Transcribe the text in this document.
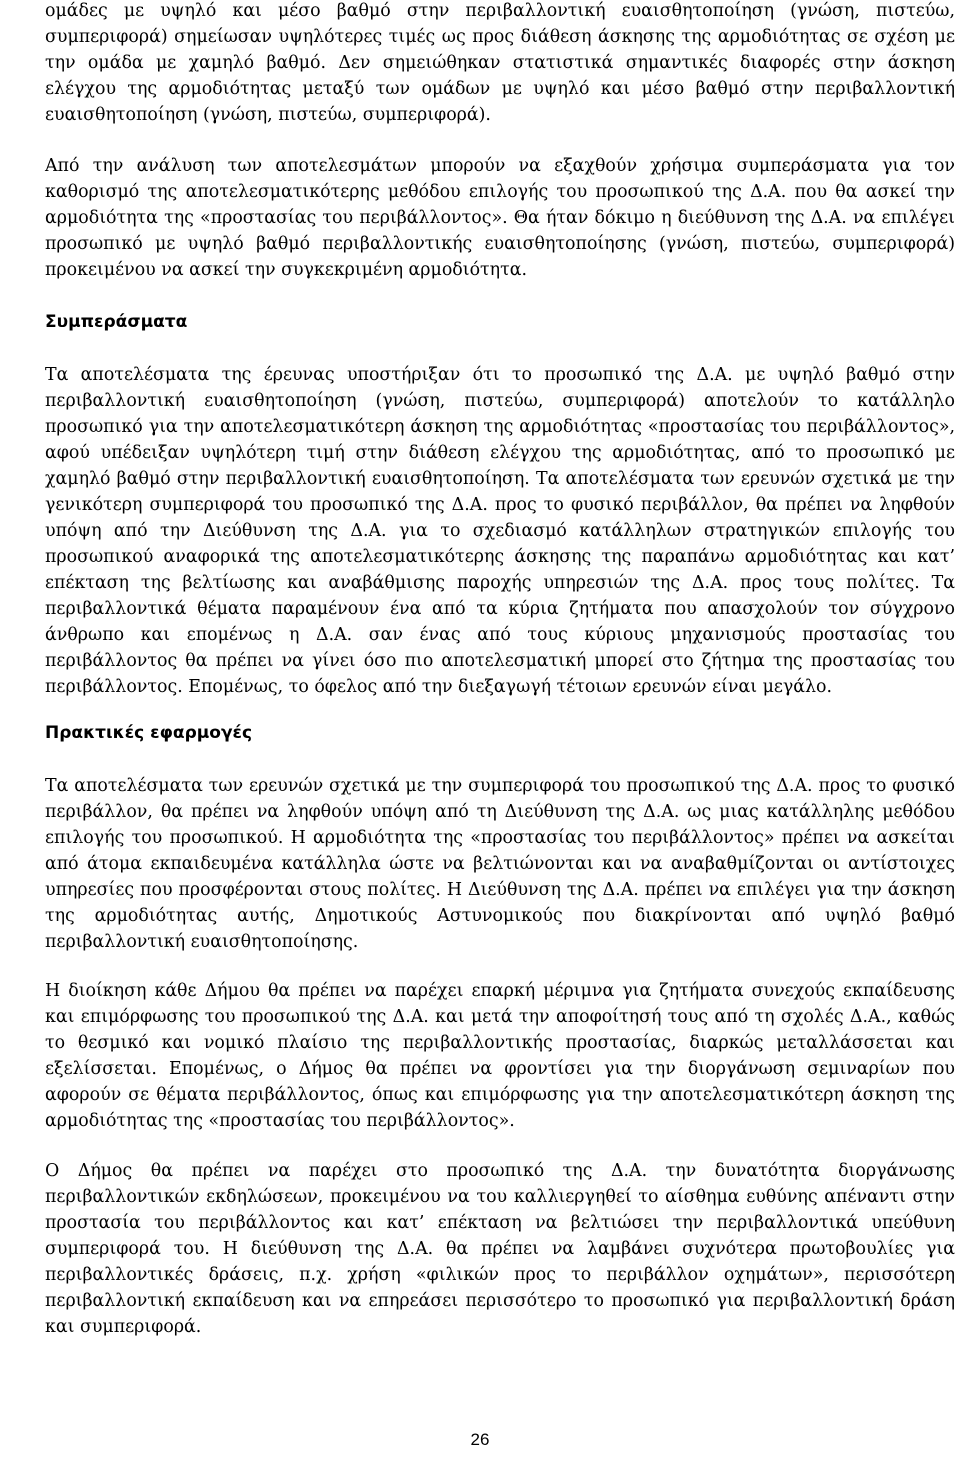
ομάδες με υψηλό και μέσο βαθμό στην περιβαλλοντική ευαισθητοποίηση (γνώση, πιστεύω, συμπεριφορά) σημείωσαν υψηλότερες τιμές ως προς διάθεση άσκησης της αρμοδιότητας σε σχέση με την ομάδα με χαμηλό βαθμό. Δεν σημειώθηκαν στατιστικά σημαντικές διαφορές στην άσκηση ελέγχου της αρμοδιότητας μεταξύ των ομάδων με υψηλό και μέσο βαθμό στην περιβαλλοντική ευαισθητοποίηση (γνώση, πιστεύω, συμπεριφορά).

Από την ανάλυση των αποτελεσμάτων μπορούν να εξαχθούν χρήσιμα συμπεράσματα για τον καθορισμό της αποτελεσματικότερης μεθόδου επιλογής του προσωπικού της Δ.Α. που θα ασκεί την αρμοδιότητα της «προστασίας του περιβάλλοντος». Θα ήταν δόκιμο η διεύθυνση της Δ.Α. να επιλέγει προσωπικό με υψηλό βαθμό περιβαλλοντικής ευαισθητοποίησης (γνώση, πιστεύω, συμπεριφορά) προκειμένου να ασκεί την συγκεκριμένη αρμοδιότητα.

Συμπεράσματα

Τα αποτελέσματα της έρευνας υποστήριξαν ότι το προσωπικό της Δ.Α. με υψηλό βαθμό στην περιβαλλοντική ευαισθητοποίηση (γνώση, πιστεύω, συμπεριφορά) αποτελούν το κατάλληλο προσωπικό για την αποτελεσματικότερη άσκηση της αρμοδιότητας «προστασίας του περιβάλλοντος», αφού υπέδειξαν υψηλότερη τιμή στην διάθεση ελέγχου της αρμοδιότητας, από το προσωπικό με χαμηλό βαθμό στην περιβαλλοντική ευαισθητοποίηση. Τα αποτελέσματα των ερευνών σχετικά με την γενικότερη συμπεριφορά του προσωπικό της Δ.Α. προς το φυσικό περιβάλλον, θα πρέπει να ληφθούν υπόψη από την Διεύθυνση της Δ.Α. για το σχεδιασμό κατάλληλων στρατηγικών επιλογής του προσωπικού αναφορικά της αποτελεσματικότερης άσκησης της παραπάνω αρμοδιότητας και κατ’ επέκταση της βελτίωσης και αναβάθμισης παροχής υπηρεσιών της Δ.Α. προς τους πολίτες. Τα περιβαλλοντικά θέματα παραμένουν ένα από τα κύρια ζητήματα που απασχολούν τον σύγχρονο άνθρωπο και επομένως η Δ.Α. σαν ένας από τους κύριους μηχανισμούς προστασίας του περιβάλλοντος θα πρέπει να γίνει όσο πιο αποτελεσματική μπορεί στο ζήτημα της προστασίας του περιβάλλοντος. Επομένως, το όφελος από την διεξαγωγή τέτοιων ερευνών είναι μεγάλο.

Πρακτικές εφαρμογές

Τα αποτελέσματα των ερευνών σχετικά με την συμπεριφορά του προσωπικού της Δ.Α. προς το φυσικό περιβάλλον, θα πρέπει να ληφθούν υπόψη από τη Διεύθυνση της Δ.Α. ως μιας κατάλληλης μεθόδου επιλογής του προσωπικού. Η αρμοδιότητα της «προστασίας του περιβάλλοντος» πρέπει να ασκείται από άτομα εκπαιδευμένα κατάλληλα ώστε να βελτιώνονται και να αναβαθμίζονται οι αντίστοιχες υπηρεσίες που προσφέρονται στους πολίτες. Η Διεύθυνση της Δ.Α. πρέπει να επιλέγει για την άσκηση της αρμοδιότητας αυτής, Δημοτικούς Αστυνομικούς που διακρίνονται από υψηλό βαθμό περιβαλλοντική ευαισθητοποίησης.

Η διοίκηση κάθε Δήμου θα πρέπει να παρέχει επαρκή μέριμνα για ζητήματα συνεχούς εκπαίδευσης και επιμόρφωσης του προσωπικού της Δ.Α. και μετά την αποφοίτησή τους από τη σχολές Δ.Α., καθώς το θεσμικό και νομικό πλαίσιο της περιβαλλοντικής προστασίας, διαρκώς μεταλλάσσεται και εξελίσσεται. Επομένως, ο Δήμος θα πρέπει να φροντίσει για την διοργάνωση σεμιναρίων που αφορούν σε θέματα περιβάλλοντος, όπως και επιμόρφωσης για την αποτελεσματικότερη άσκηση της αρμοδιότητας της «προστασίας του περιβάλλοντος».

Ο Δήμος θα πρέπει να παρέχει στο προσωπικό της Δ.Α. την δυνατότητα διοργάνωσης περιβαλλοντικών εκδηλώσεων, προκειμένου να του καλλιεργηθεί το αίσθημα ευθύνης απέναντι στην προστασία του περιβάλλοντος και κατ’ επέκταση να βελτιώσει την περιβαλλοντικά υπεύθυνη συμπεριφορά του. Η διεύθυνση της Δ.Α. θα πρέπει να λαμβάνει συχνότερα πρωτοβουλίες για περιβαλλοντικές δράσεις, π.χ. χρήση «φιλικών προς το περιβάλλον οχημάτων», περισσότερη περιβαλλοντική εκπαίδευση και να επηρεάσει περισσότερο το προσωπικό για περιβαλλοντική δράση και συμπεριφορά.

26
